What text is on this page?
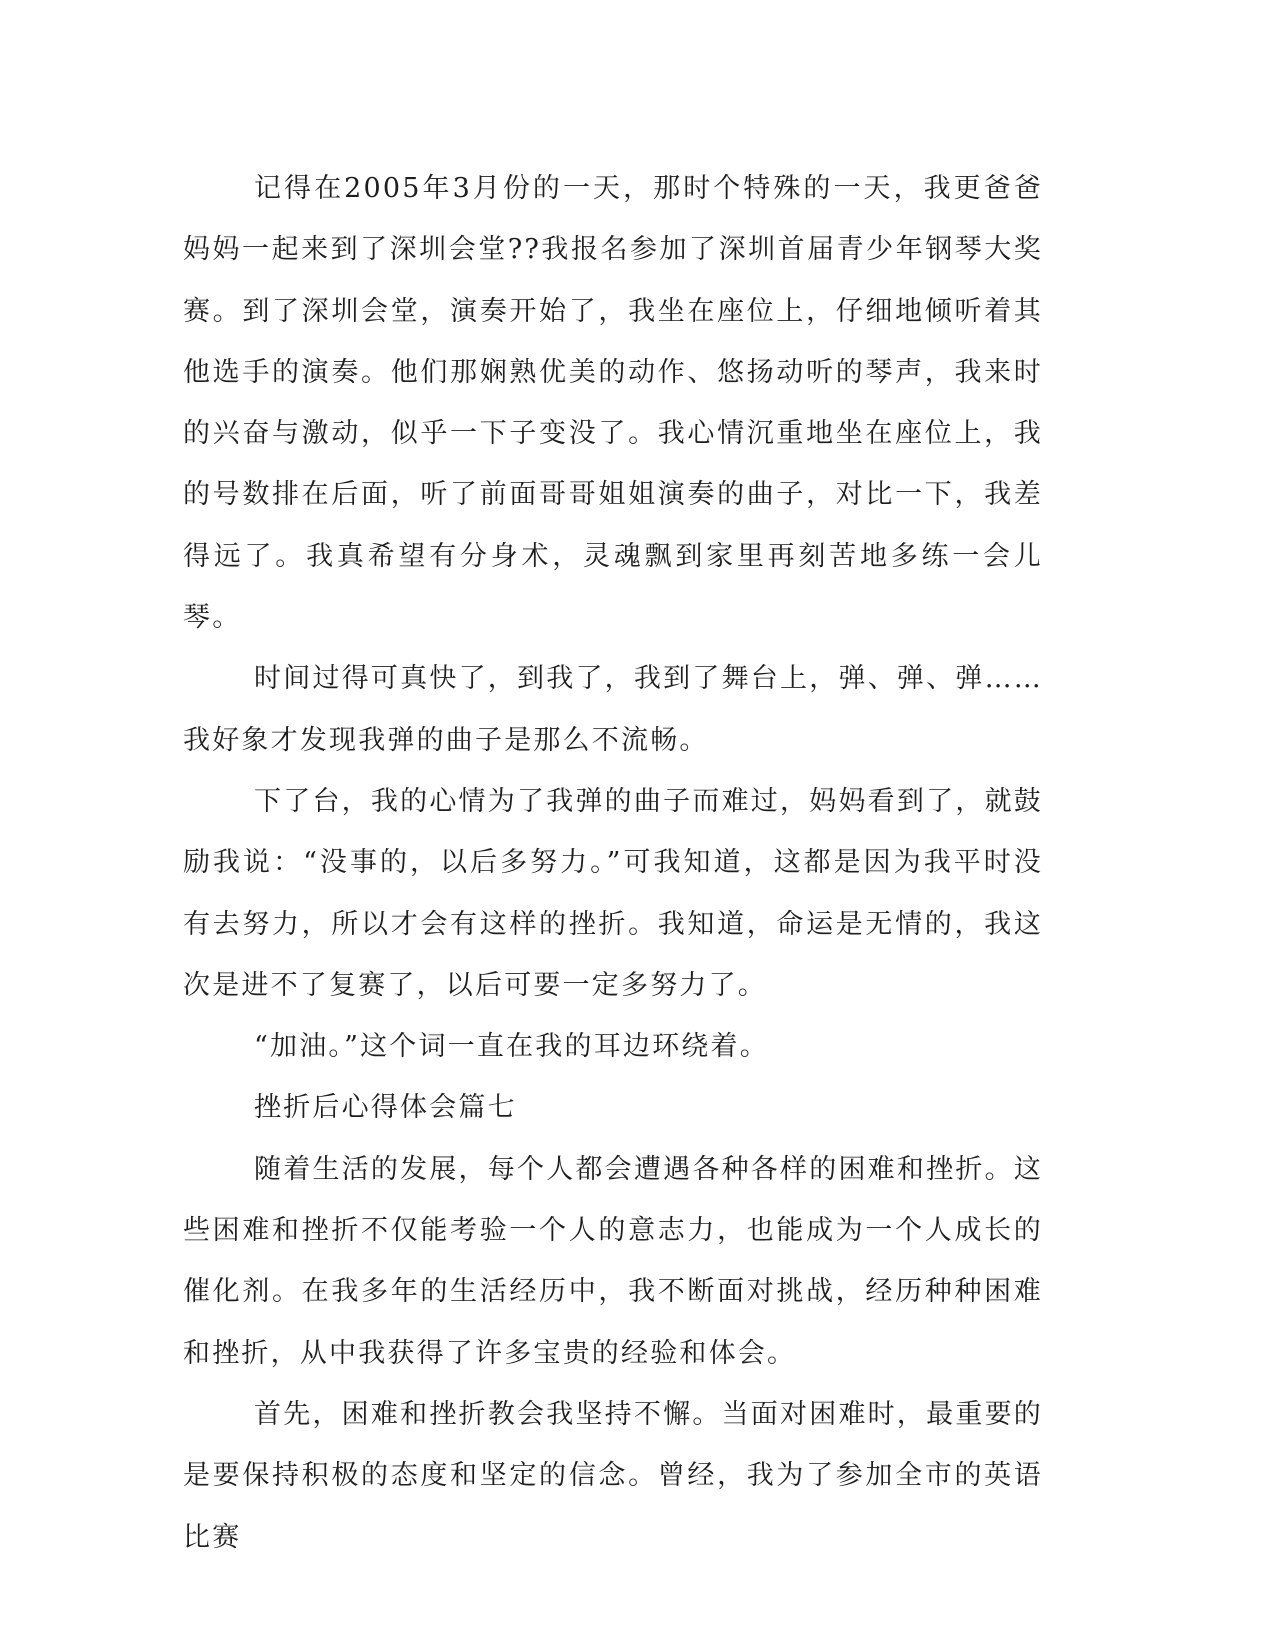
记得在2005年3月份的一天，那时个特殊的一天，我更爸爸妈妈一起来到了深圳会堂??我报名参加了深圳首届青少年钢琴大奖赛。到了深圳会堂，演奏开始了，我坐在座位上，仔细地倾听着其他选手的演奏。他们那娴熟优美的动作、悠扬动听的琴声，我来时的兴奋与激动，似乎一下子变没了。我心情沉重地坐在座位上，我的号数排在后面，听了前面哥哥姐姐演奏的曲子，对比一下，我差得远了。我真希望有分身术，灵魂飘到家里再刻苦地多练一会儿琴。

时间过得可真快了，到我了，我到了舞台上，弹、弹、弹……我好象才发现我弹的曲子是那么不流畅。

下了台，我的心情为了我弹的曲子而难过，妈妈看到了，就鼓励我说：“没事的，以后多努力。”可我知道，这都是因为我平时没有去努力，所以才会有这样的挫折。我知道，命运是无情的，我这次是进不了复赛了，以后可要一定多努力了。

“加油。”这个词一直在我的耳边环绕着。

挫折后心得体会篇七

随着生活的发展，每个人都会遭遇各种各样的困难和挫折。这些困难和挫折不仅能考验一个人的意志力，也能成为一个人成长的催化剂。在我多年的生活经历中，我不断面对挑战，经历种种困难和挫折，从中我获得了许多宝贵的经验和体会。

首先，困难和挫折教会我坚持不懈。当面对困难时，最重要的是要保持积极的态度和坚定的信念。曾经，我为了参加全市的英语比赛
